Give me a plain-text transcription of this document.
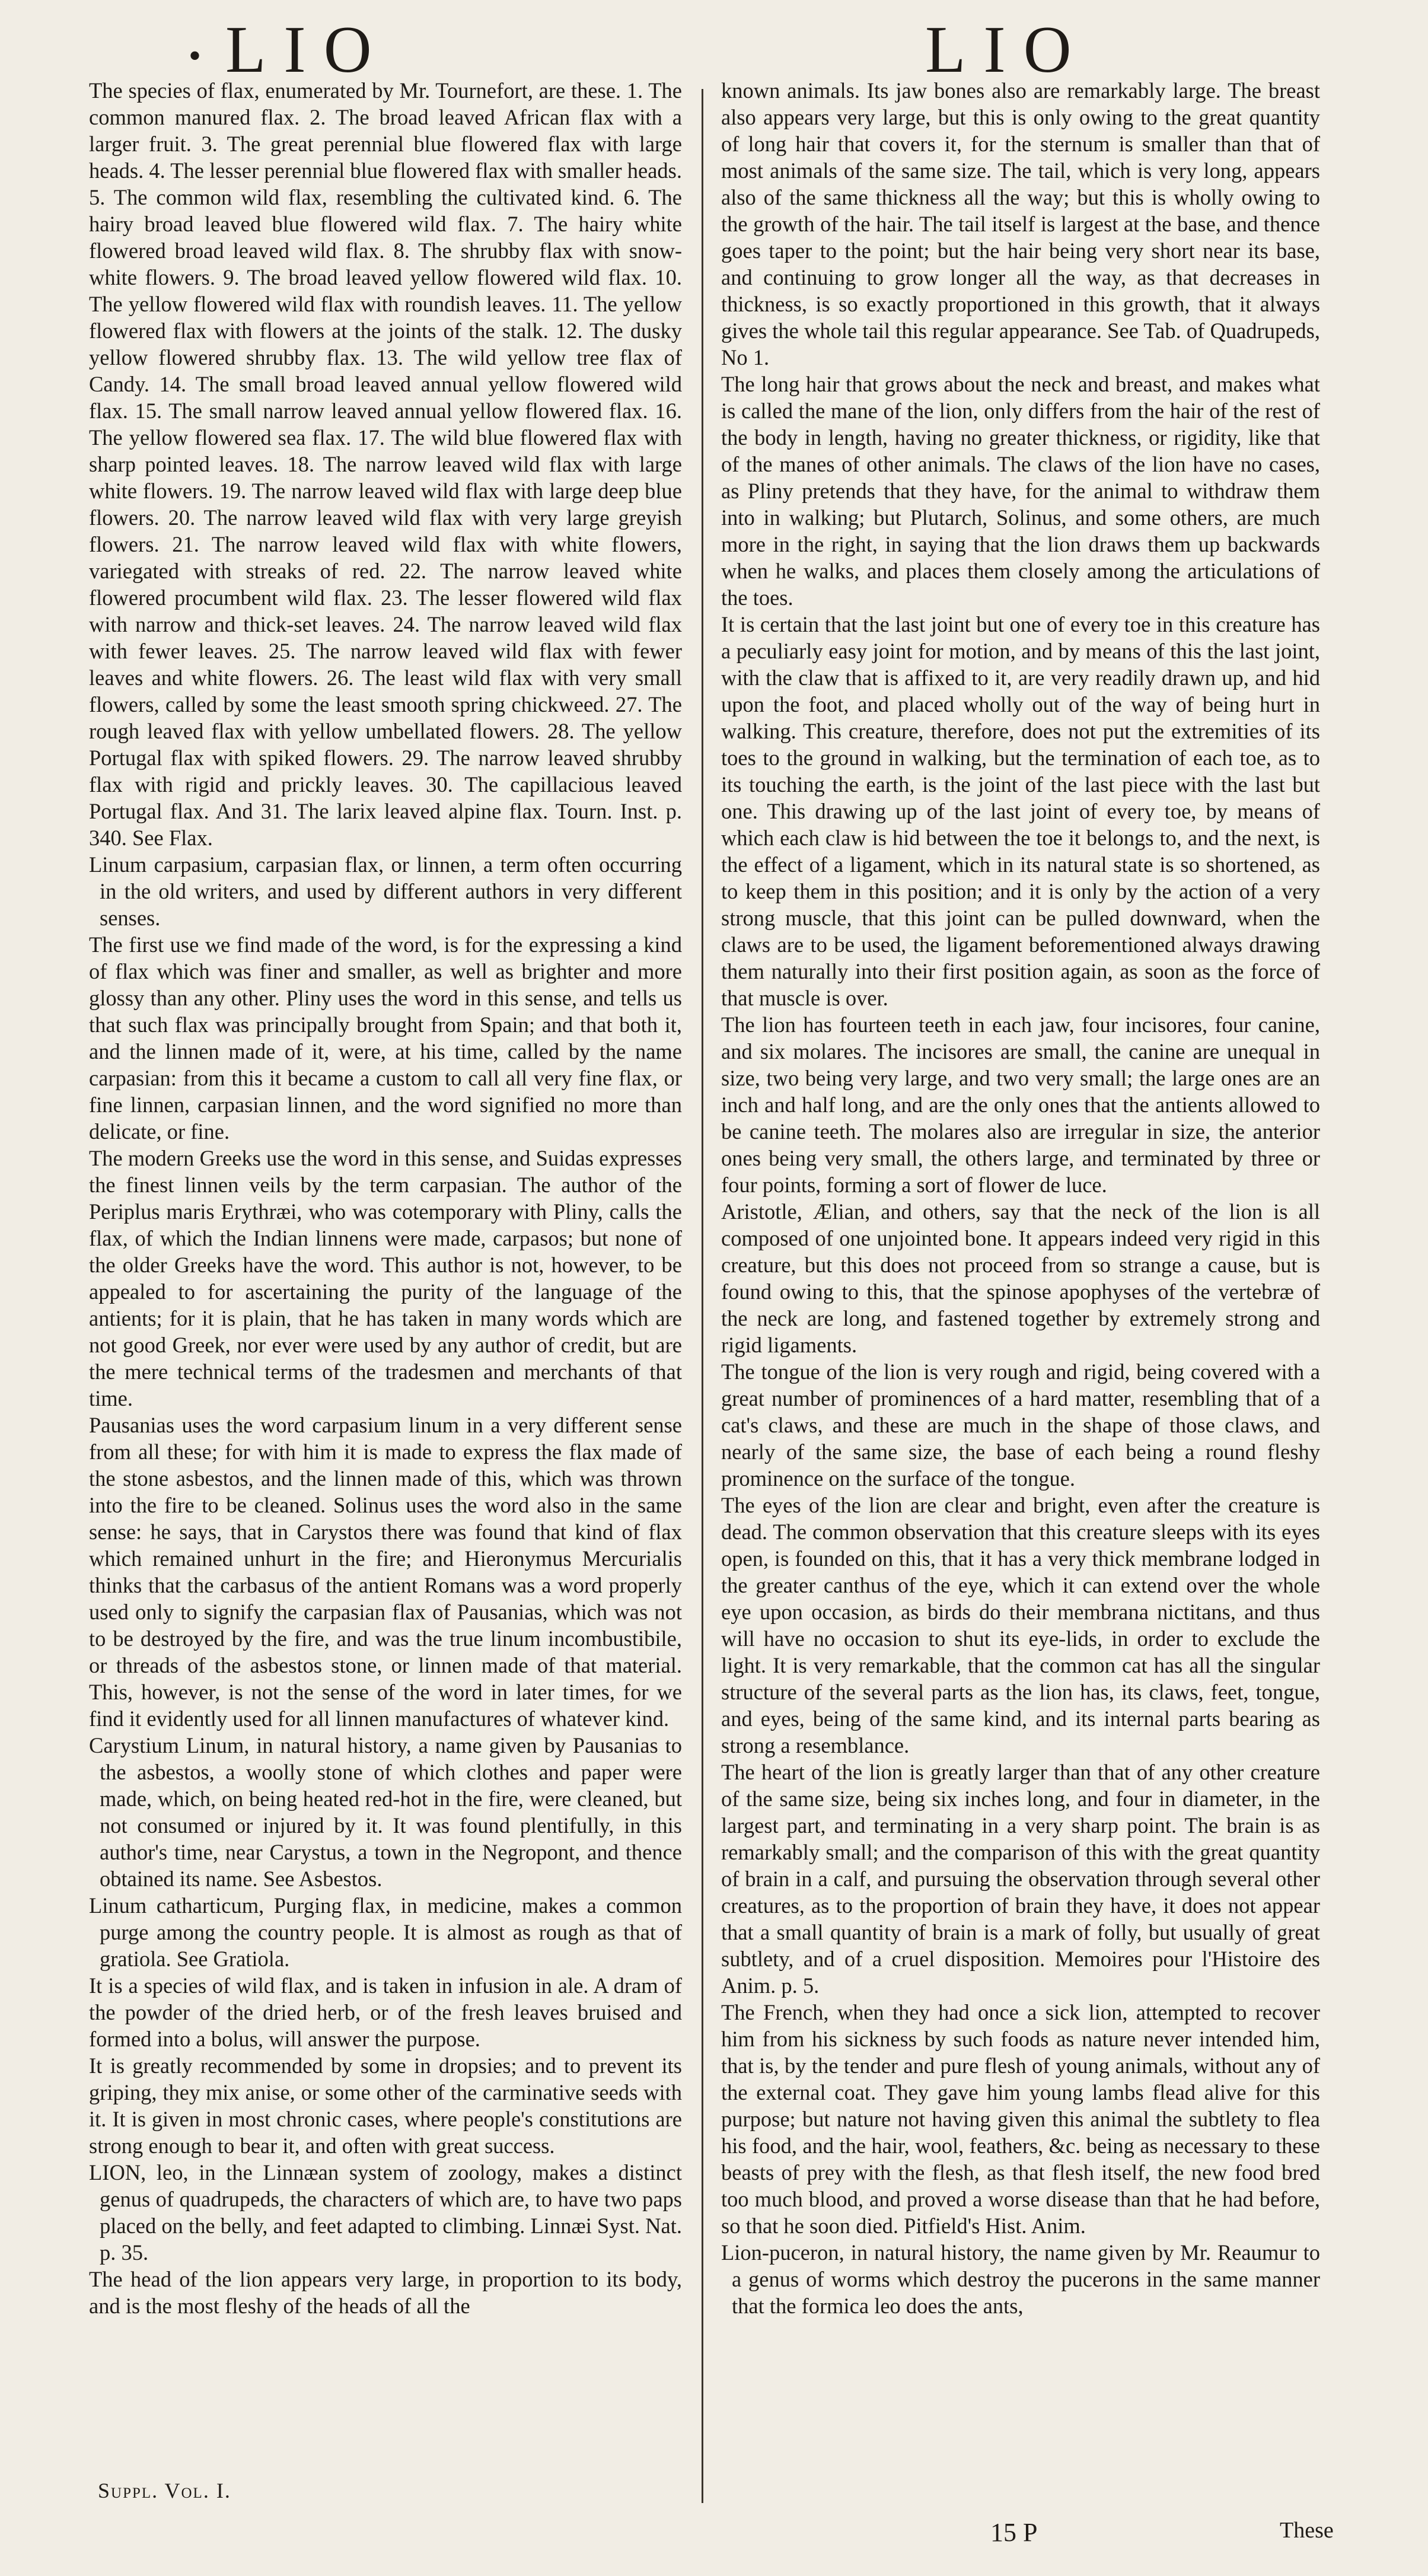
• LIO	LIO

The species of flax, enumerated by Mr. Tournefort, are these. 1. The common manured flax. 2. The broad leaved African flax with a larger fruit. 3. The great perennial blue flowered flax with large heads. 4. The lesser perennial blue flowered flax with smaller heads. 5. The common wild flax, resembling the cultivated kind. 6. The hairy broad leaved blue flowered wild flax. 7. The hairy white flowered broad leaved wild flax. 8. The shrubby flax with snow-white flowers. 9. The broad leaved yellow flowered wild flax. 10. The yellow flowered wild flax with roundish leaves. 11. The yellow flowered flax with flowers at the joints of the stalk. 12. The dusky yellow flowered shrubby flax. 13. The wild yellow tree flax of Candy. 14. The small broad leaved annual yellow flowered wild flax. 15. The small narrow leaved annual yellow flowered flax. 16. The yellow flowered sea flax. 17. The wild blue flowered flax with sharp pointed leaves. 18. The narrow leaved wild flax with large white flowers. 19. The narrow leaved wild flax with large deep blue flowers. 20. The narrow leaved wild flax with very large greyish flowers. 21. The narrow leaved wild flax with white flowers, variegated with streaks of red. 22. The narrow leaved white flowered procumbent wild flax. 23. The lesser flowered wild flax with narrow and thick-set leaves. 24. The narrow leaved wild flax with fewer leaves. 25. The narrow leaved wild flax with fewer leaves and white flowers. 26. The least wild flax with very small flowers, called by some the least smooth spring chickweed. 27. The rough leaved flax with yellow umbellated flowers. 28. The yellow Portugal flax with spiked flowers. 29. The narrow leaved shrubby flax with rigid and prickly leaves. 30. The capillacious leaved Portugal flax. And 31. The larix leaved alpine flax. Tourn. Inst. p. 340. See Flax.

Linum carpasium, carpasian flax, or linnen, a term often occurring in the old writers, and used by different authors in very different senses.

The first use we find made of the word, is for the expressing a kind of flax which was finer and smaller, as well as brighter and more glossy than any other. Pliny uses the word in this sense, and tells us that such flax was principally brought from Spain; and that both it, and the linnen made of it, were, at his time, called by the name carpasian: from this it became a custom to call all very fine flax, or fine linnen, carpasian linnen, and the word signified no more than delicate, or fine.

The modern Greeks use the word in this sense, and Suidas expresses the finest linnen veils by the term carpasian. The author of the Periplus maris Erythræi, who was cotemporary with Pliny, calls the flax, of which the Indian linnens were made, carpasos; but none of the older Greeks have the word. This author is not, however, to be appealed to for ascertaining the purity of the language of the antients; for it is plain, that he has taken in many words which are not good Greek, nor ever were used by any author of credit, but are the mere technical terms of the tradesmen and merchants of that time.

Pausanias uses the word carpasium linum in a very different sense from all these; for with him it is made to express the flax made of the stone asbestos, and the linnen made of this, which was thrown into the fire to be cleaned. Solinus uses the word also in the same sense: he says, that in Carystos there was found that kind of flax which remained unhurt in the fire; and Hieronymus Mercurialis thinks that the carbasus of the antient Romans was a word properly used only to signify the carpasian flax of Pausanias, which was not to be destroyed by the fire, and was the true linum incombustibile, or threads of the asbestos stone, or linnen made of that material. This, however, is not the sense of the word in later times, for we find it evidently used for all linnen manufactures of whatever kind.

Carystium Linum, in natural history, a name given by Pausanias to the asbestos, a woolly stone of which clothes and paper were made, which, on being heated red-hot in the fire, were cleaned, but not consumed or injured by it. It was found plentifully, in this author's time, near Carystus, a town in the Negropont, and thence obtained its name. See Asbestos.

Linum catharticum, Purging flax, in medicine, makes a common purge among the country people. It is almost as rough as that of gratiola. See Gratiola.

It is a species of wild flax, and is taken in infusion in ale. A dram of the powder of the dried herb, or of the fresh leaves bruised and formed into a bolus, will answer the purpose.

It is greatly recommended by some in dropsies; and to prevent its griping, they mix anise, or some other of the carminative seeds with it. It is given in most chronic cases, where people's constitutions are strong enough to bear it, and often with great success.

LION, leo, in the Linnæan system of zoology, makes a distinct genus of quadrupeds, the characters of which are, to have two paps placed on the belly, and feet adapted to climbing. Linnæi Syst. Nat. p. 35.

The head of the lion appears very large, in proportion to its body, and is the most fleshy of the heads of all the

known animals. Its jaw bones also are remarkably large. The breast also appears very large, but this is only owing to the great quantity of long hair that covers it, for the sternum is smaller than that of most animals of the same size. The tail, which is very long, appears also of the same thickness all the way; but this is wholly owing to the growth of the hair. The tail itself is largest at the base, and thence goes taper to the point; but the hair being very short near its base, and continuing to grow longer all the way, as that decreases in thickness, is so exactly proportioned in this growth, that it always gives the whole tail this regular appearance. See Tab. of Quadrupeds, No 1.

The long hair that grows about the neck and breast, and makes what is called the mane of the lion, only differs from the hair of the rest of the body in length, having no greater thickness, or rigidity, like that of the manes of other animals. The claws of the lion have no cases, as Pliny pretends that they have, for the animal to withdraw them into in walking; but Plutarch, Solinus, and some others, are much more in the right, in saying that the lion draws them up backwards when he walks, and places them closely among the articulations of the toes.

It is certain that the last joint but one of every toe in this creature has a peculiarly easy joint for motion, and by means of this the last joint, with the claw that is affixed to it, are very readily drawn up, and hid upon the foot, and placed wholly out of the way of being hurt in walking. This creature, therefore, does not put the extremities of its toes to the ground in walking, but the termination of each toe, as to its touching the earth, is the joint of the last piece with the last but one. This drawing up of the last joint of every toe, by means of which each claw is hid between the toe it belongs to, and the next, is the effect of a ligament, which in its natural state is so shortened, as to keep them in this position; and it is only by the action of a very strong muscle, that this joint can be pulled downward, when the claws are to be used, the ligament beforementioned always drawing them naturally into their first position again, as soon as the force of that muscle is over.

The lion has fourteen teeth in each jaw, four incisores, four canine, and six molares. The incisores are small, the canine are unequal in size, two being very large, and two very small; the large ones are an inch and half long, and are the only ones that the antients allowed to be canine teeth. The molares also are irregular in size, the anterior ones being very small, the others large, and terminated by three or four points, forming a sort of flower de luce.

Aristotle, Ælian, and others, say that the neck of the lion is all composed of one unjointed bone. It appears indeed very rigid in this creature, but this does not proceed from so strange a cause, but is found owing to this, that the spinose apophyses of the vertebræ of the neck are long, and fastened together by extremely strong and rigid ligaments.

The tongue of the lion is very rough and rigid, being covered with a great number of prominences of a hard matter, resembling that of a cat's claws, and these are much in the shape of those claws, and nearly of the same size, the base of each being a round fleshy prominence on the surface of the tongue.

The eyes of the lion are clear and bright, even after the creature is dead. The common observation that this creature sleeps with its eyes open, is founded on this, that it has a very thick membrane lodged in the greater canthus of the eye, which it can extend over the whole eye upon occasion, as birds do their membrana nictitans, and thus will have no occasion to shut its eye-lids, in order to exclude the light. It is very remarkable, that the common cat has all the singular structure of the several parts as the lion has, its claws, feet, tongue, and eyes, being of the same kind, and its internal parts bearing as strong a resemblance.

The heart of the lion is greatly larger than that of any other creature of the same size, being six inches long, and four in diameter, in the largest part, and terminating in a very sharp point. The brain is as remarkably small; and the comparison of this with the great quantity of brain in a calf, and pursuing the observation through several other creatures, as to the proportion of brain they have, it does not appear that a small quantity of brain is a mark of folly, but usually of great subtlety, and of a cruel disposition. Memoires pour l'Histoire des Anim. p. 5.

The French, when they had once a sick lion, attempted to recover him from his sickness by such foods as nature never intended him, that is, by the tender and pure flesh of young animals, without any of the external coat. They gave him young lambs flead alive for this purpose; but nature not having given this animal the subtlety to flea his food, and the hair, wool, feathers, &c. being as necessary to these beasts of prey with the flesh, as that flesh itself, the new food bred too much blood, and proved a worse disease than that he had before, so that he soon died. Pitfield's Hist. Anim.

Lion-puceron, in natural history, the name given by Mr. Reaumur to a genus of worms which destroy the pucerons in the same manner that the formica leo does the ants,

Suppl. Vol. I.
15 P	These
